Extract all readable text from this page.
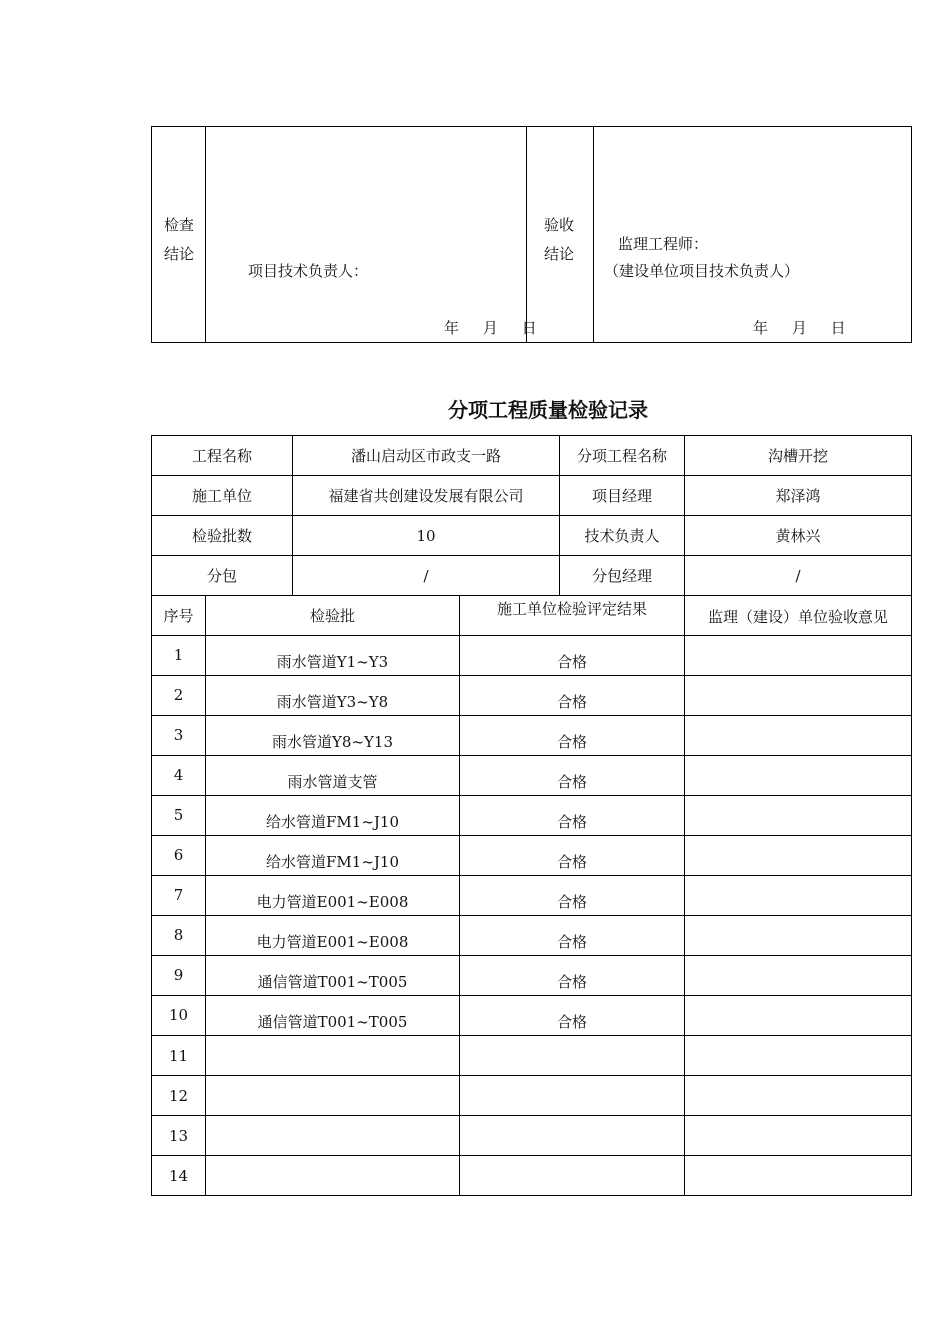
检查
结论

项目技术负责人：
年     月     日

验收
结论

监理工程师：
（建设单位项目技术负责人）
年     月     日
分项工程质量检验记录
工程名称		潘山启动区市政支一路		分项工程名称	沟槽开挖
施工单位		福建省共创建设发展有限公司		项目经理	郑泽鸿
检验批数		10		技术负责人	黄林兴
分包		/		分包经理	/
序号	检验批		施工单位检验评定结果		监理（建设）单位验收意见
1	雨水管道Y1~Y3		合格		
2	雨水管道Y3~Y8		合格		
3	雨水管道Y8~Y13		合格		
4	雨水管道支管		合格		
5	给水管道FM1~J10		合格		
6	给水管道FM1~J10		合格		
7	电力管道E001~E008		合格		
8	电力管道E001~E008		合格		
9	通信管道T001~T005		合格		
10	通信管道T001~T005		合格		
11					
12					
13					
14					
